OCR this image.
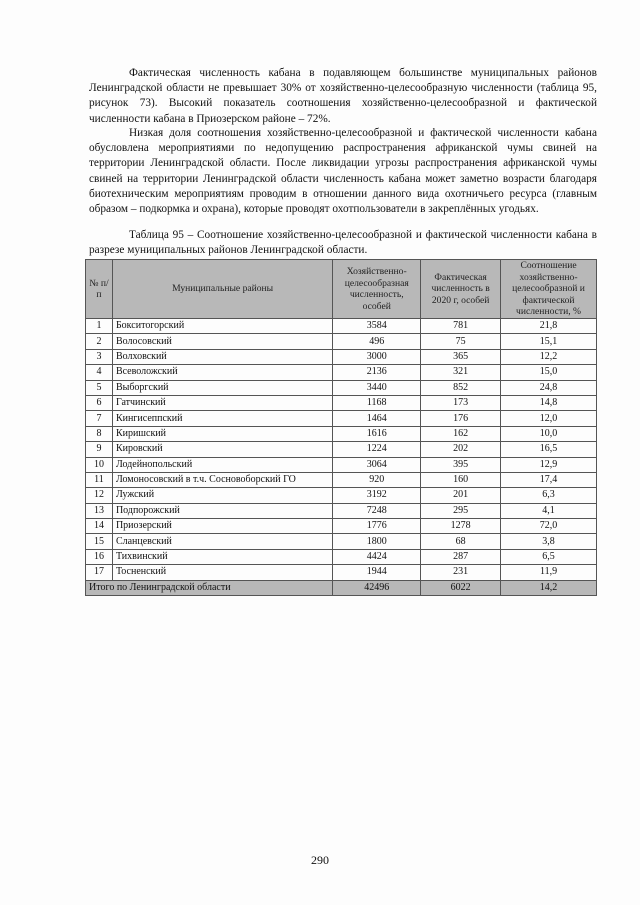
Фактическая численность кабана в подавляющем большинстве муниципальных районов Ленинградской области не превышает 30% от хозяйственно-целесообразную численности (таблица 95, рисунок 73). Высокий показатель соотношения хозяйственно-целесообразной и фактической численности кабана в Приозерском районе – 72%.

Низкая доля соотношения хозяйственно-целесообразной и фактической численности кабана обусловлена мероприятиями по недопущению распространения африканской чумы свиней на территории Ленинградской области. После ликвидации угрозы распространения африканской чумы свиней на территории Ленинградской области численность кабана может заметно возрасти благодаря биотехническим мероприятиям проводим в отношении данного вида охотничьего ресурса (главным образом – подкормка и охрана), которые проводят охотпользователи в закреплённых угодьях.

Таблица 95 – Соотношение хозяйственно-целесообразной и фактической численности кабана в разрезе муниципальных районов Ленинградской области.

№ п/п	Муниципальные районы	Хозяйственно-целесообразная численность, особей	Фактическая численность в 2020 г, особей	Соотношение хозяйственно-целесообразной и фактической численности, %
1	Бокситогорский	3584	781	21,8
2	Волосовский	496	75	15,1
3	Волховский	3000	365	12,2
4	Всеволожский	2136	321	15,0
5	Выборгский	3440	852	24,8
6	Гатчинский	1168	173	14,8
7	Кингисеппский	1464	176	12,0
8	Киришский	1616	162	10,0
9	Кировский	1224	202	16,5
10	Лодейнопольский	3064	395	12,9
11	Ломоносовский в т.ч. Сосновоборский ГО	920	160	17,4
12	Лужский	3192	201	6,3
13	Подпорожский	7248	295	4,1
14	Приозерский	1776	1278	72,0
15	Сланцевский	1800	68	3,8
16	Тихвинский	4424	287	6,5
17	Тосненский	1944	231	11,9
Итого по Ленинградской области		42496	6022	14,2
290
